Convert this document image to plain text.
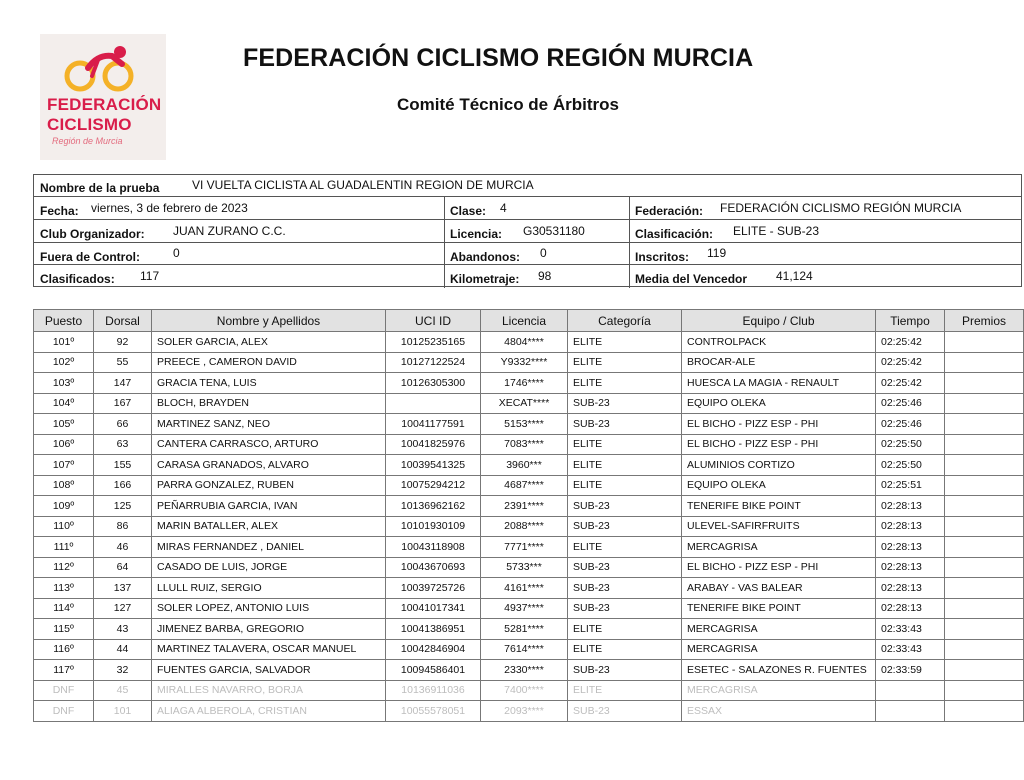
FEDERACIÓN
CICLISMO
Región de Murcia
FEDERACIÓN CICLISMO REGIÓN MURCIA
Comité Técnico de Árbitros
Nombre de la prueba	VI VUELTA CICLISTA AL GUADALENTIN REGION DE MURCIA
Fecha: viernes, 3 de febrero de 2023	Clase: 4	Federación: FEDERACIÓN CICLISMO REGIÓN MURCIA
Club Organizador: JUAN ZURANO C.C.	Licencia: G30531180	Clasificación: ELITE - SUB-23
Fuera de Control:	0	Abandonos: 0	Inscritos: 119
Clasificados: 117	Kilometraje: 98	Media del Vencedor 41,124
Puesto	Dorsal	Nombre y Apellidos	UCI ID	Licencia	Categoría	Equipo / Club	Tiempo	Premios
101º	92	SOLER GARCIA, ALEX	10125235165	4804****	ELITE	CONTROLPACK	02:25:42	
102º	55	PREECE , CAMERON DAVID	10127122524	Y9332****	ELITE	BROCAR-ALE	02:25:42	
103º	147	GRACIA TENA, LUIS	10126305300	1746****	ELITE	HUESCA LA MAGIA - RENAULT	02:25:42	
104º	167	BLOCH, BRAYDEN		XECAT****	SUB-23	EQUIPO OLEKA	02:25:46	
105º	66	MARTINEZ SANZ, NEO	10041177591	5153****	SUB-23	EL BICHO - PIZZ ESP - PHI	02:25:46	
106º	63	CANTERA CARRASCO, ARTURO	10041825976	7083****	ELITE	EL BICHO - PIZZ ESP - PHI	02:25:50	
107º	155	CARASA GRANADOS, ALVARO	10039541325	3960***	ELITE	ALUMINIOS CORTIZO	02:25:50	
108º	166	PARRA GONZALEZ, RUBEN	10075294212	4687****	ELITE	EQUIPO OLEKA	02:25:51	
109º	125	PEÑARRUBIA GARCIA, IVAN	10136962162	2391****	SUB-23	TENERIFE BIKE POINT	02:28:13	
110º	86	MARIN BATALLER, ALEX	10101930109	2088****	SUB-23	ULEVEL-SAFIRFRUITS	02:28:13	
111º	46	MIRAS FERNANDEZ , DANIEL	10043118908	7771****	ELITE	MERCAGRISA	02:28:13	
112º	64	CASADO DE LUIS, JORGE	10043670693	5733***	SUB-23	EL BICHO - PIZZ ESP - PHI	02:28:13	
113º	137	LLULL RUIZ, SERGIO	10039725726	4161****	SUB-23	ARABAY - VAS BALEAR	02:28:13	
114º	127	SOLER LOPEZ, ANTONIO LUIS	10041017341	4937****	SUB-23	TENERIFE BIKE POINT	02:28:13	
115º	43	JIMENEZ BARBA, GREGORIO	10041386951	5281****	ELITE	MERCAGRISA	02:33:43	
116º	44	MARTINEZ TALAVERA, OSCAR MANUEL	10042846904	7614****	ELITE	MERCAGRISA	02:33:43	
117º	32	FUENTES GARCIA, SALVADOR	10094586401	2330****	SUB-23	ESETEC - SALAZONES R. FUENTES	02:33:59	
DNF	45	MIRALLES NAVARRO, BORJA	10136911036	7400****	ELITE	MERCAGRISA		
DNF	101	ALIAGA ALBEROLA, CRISTIAN	10055578051	2093****	SUB-23	ESSAX		
